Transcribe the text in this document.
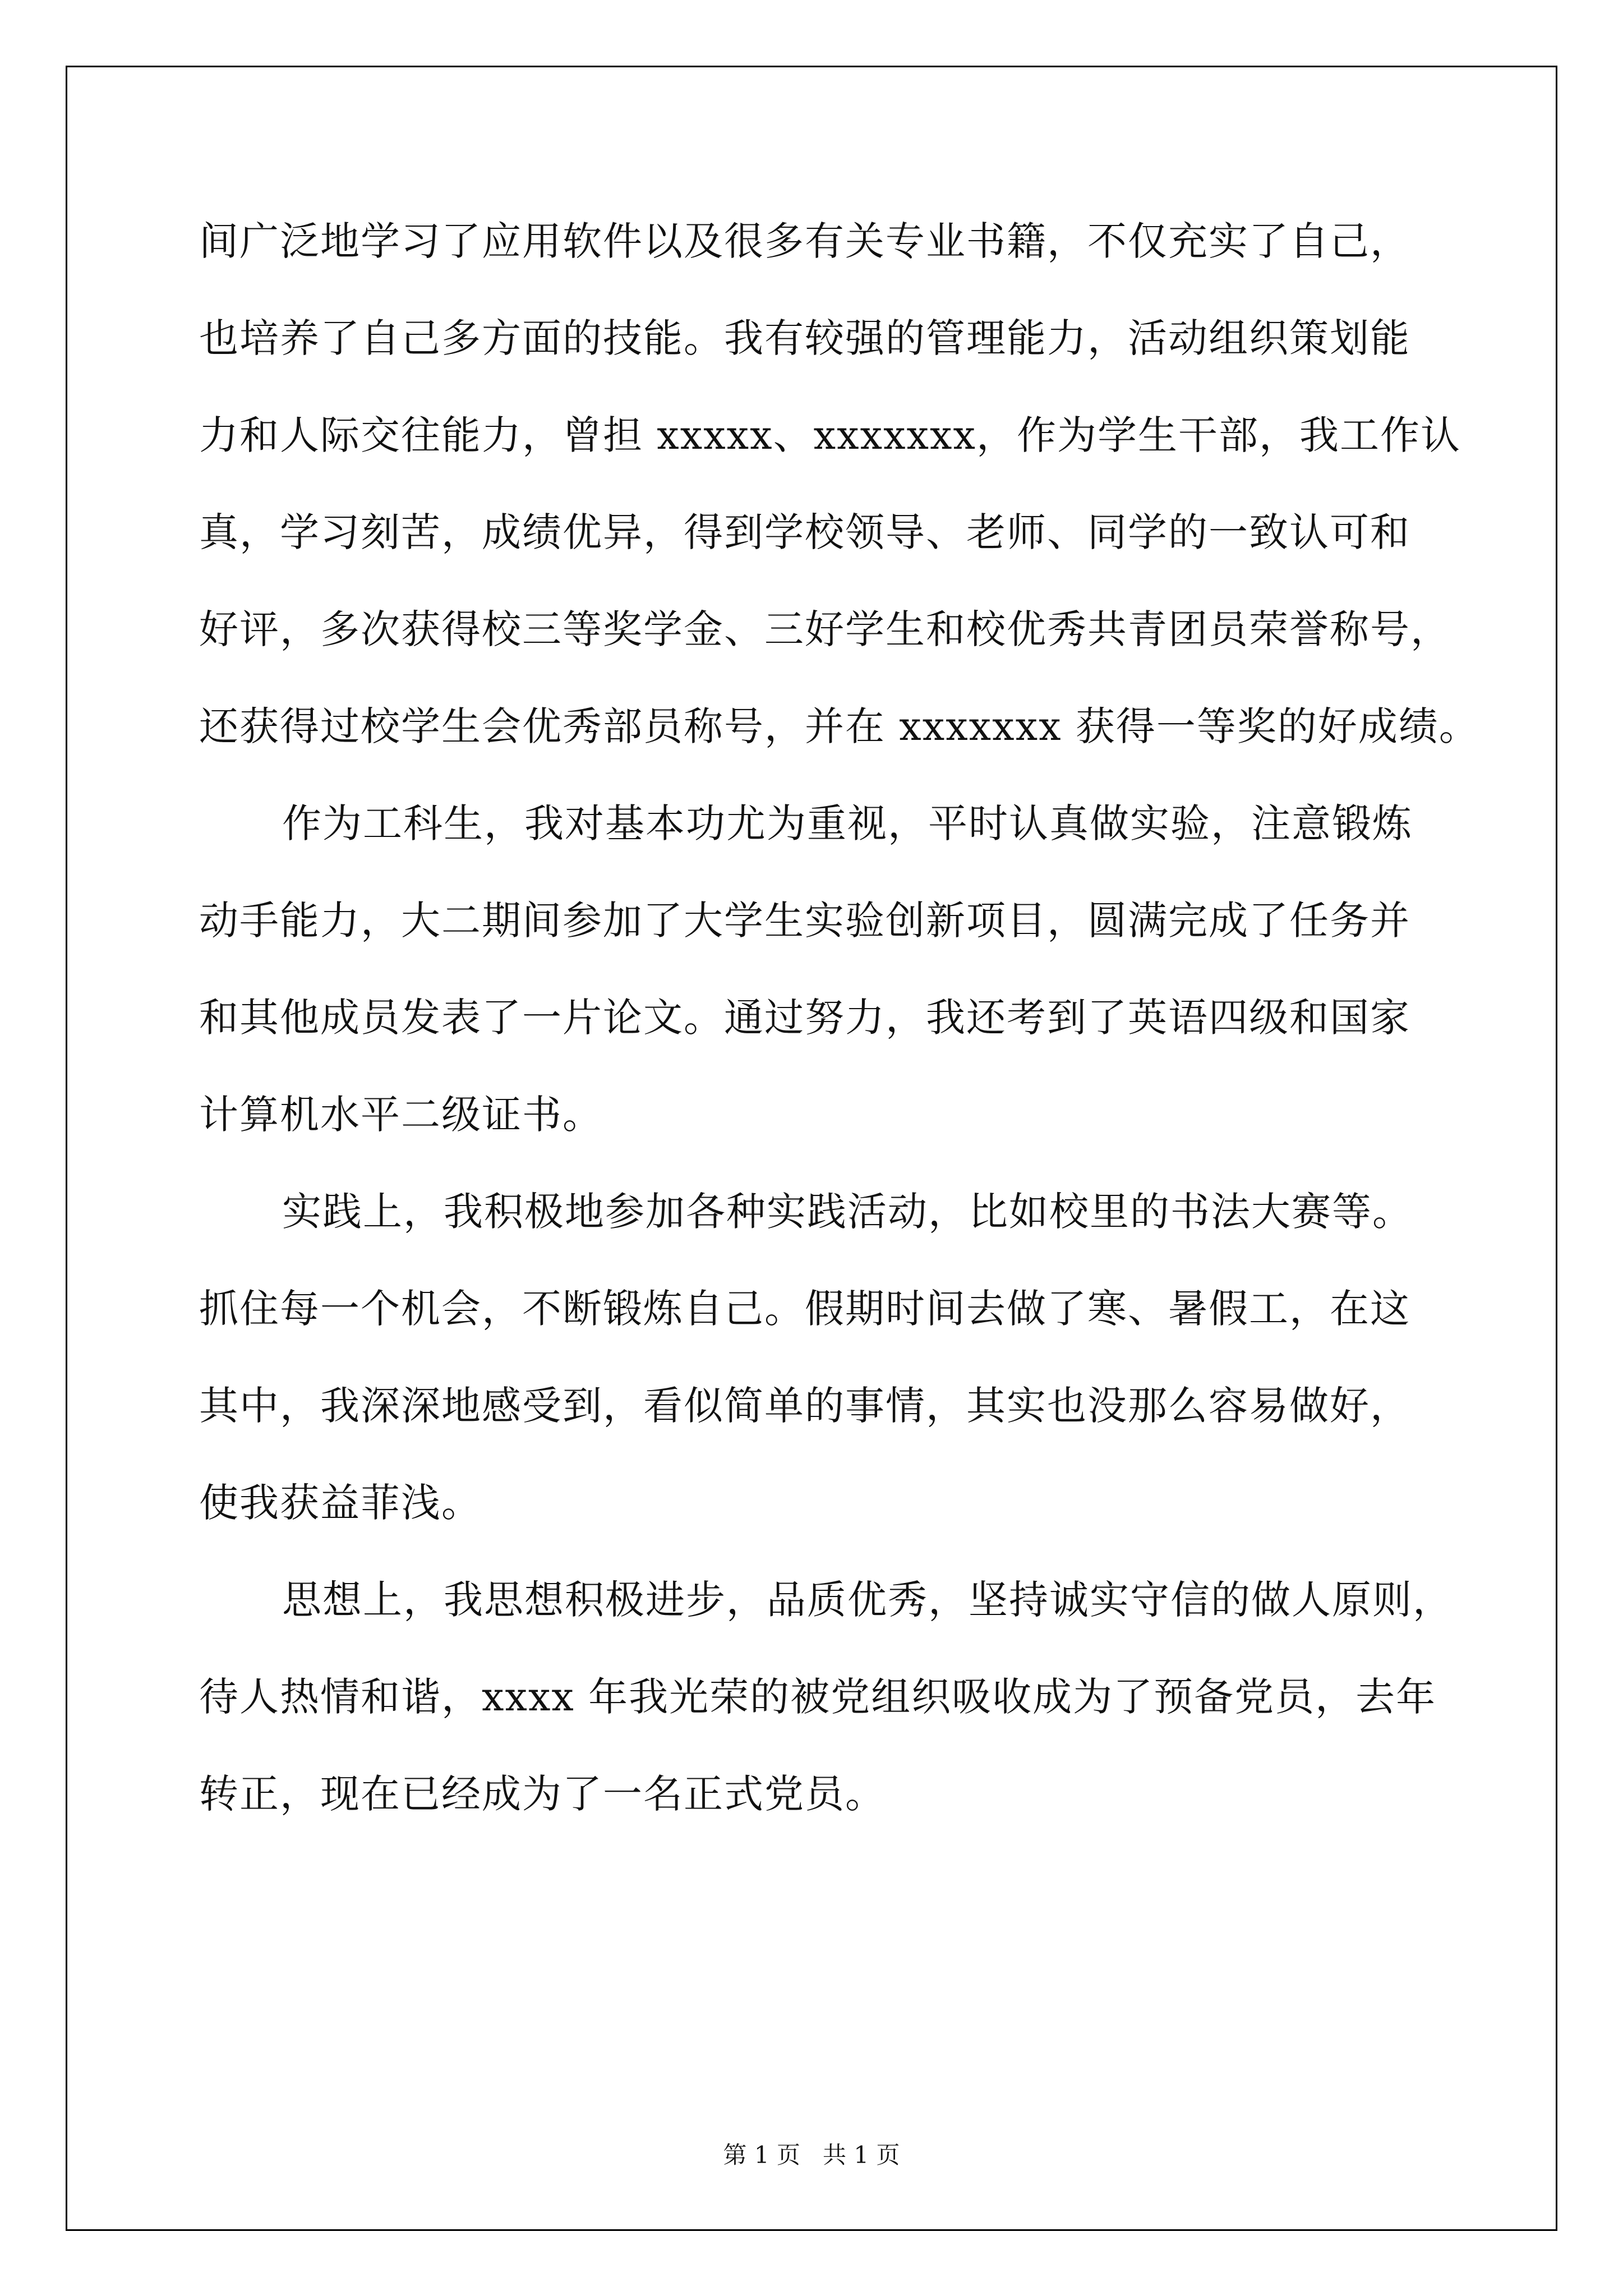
间广泛地学习了应用软件以及很多有关专业书籍，不仅充实了自己，
也培养了自己多方面的技能。我有较强的管理能力，活动组织策划能
力和人际交往能力，曾担 xxxxx、xxxxxxx，作为学生干部，我工作认
真，学习刻苦，成绩优异，得到学校领导、老师、同学的一致认可和
好评，多次获得校三等奖学金、三好学生和校优秀共青团员荣誉称号，
还获得过校学生会优秀部员称号，并在 xxxxxxx 获得一等奖的好成绩。
作为工科生，我对基本功尤为重视，平时认真做实验，注意锻炼
动手能力，大二期间参加了大学生实验创新项目，圆满完成了任务并
和其他成员发表了一片论文。通过努力，我还考到了英语四级和国家
计算机水平二级证书。
实践上，我积极地参加各种实践活动，比如校里的书法大赛等。
抓住每一个机会，不断锻炼自己。假期时间去做了寒、暑假工，在这
其中，我深深地感受到，看似简单的事情，其实也没那么容易做好，
使我获益菲浅。
思想上，我思想积极进步，品质优秀，坚持诚实守信的做人原则，
待人热情和谐，xxxx 年我光荣的被党组织吸收成为了预备党员，去年
转正，现在已经成为了一名正式党员。
第 1 页   共 1 页
